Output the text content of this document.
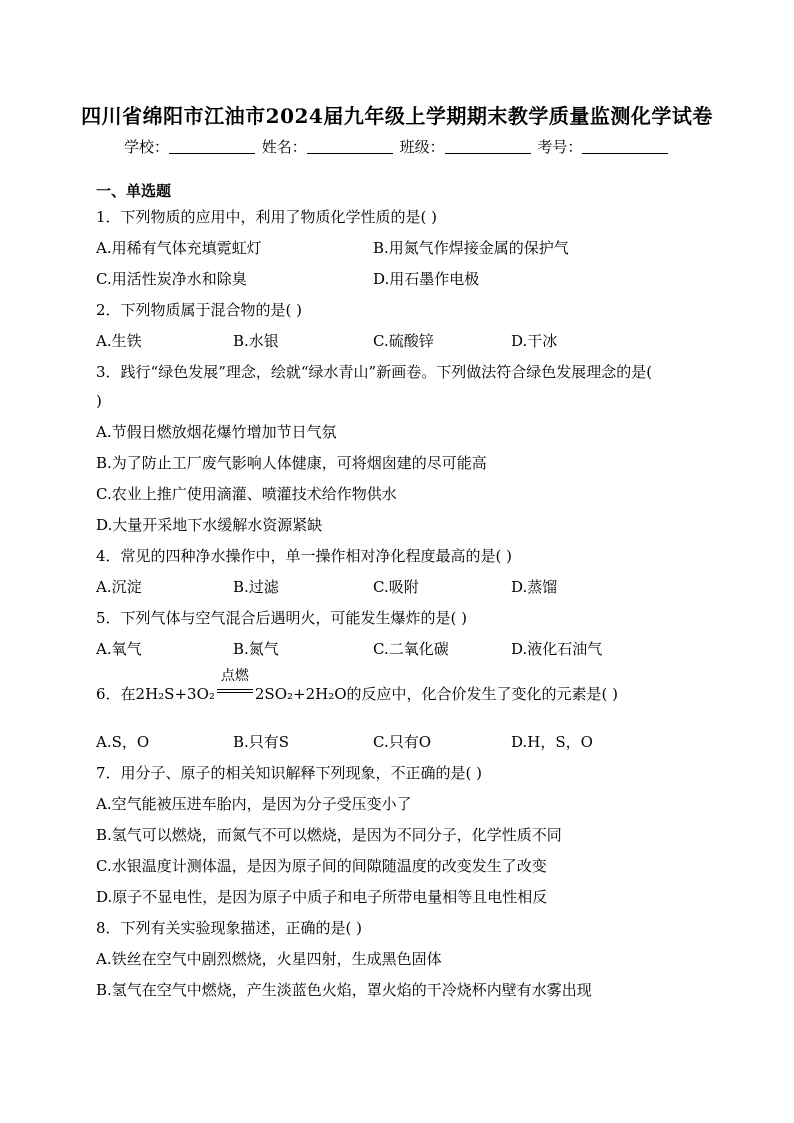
四川省绵阳市江油市2024届九年级上学期期末教学质量监测化学试卷
学校：	姓名：	班级：	考号：
一、单选题
1．下列物质的应用中，利用了物质化学性质的是( )
A.用稀有气体充填霓虹灯	B.用氮气作焊接金属的保护气
C.用活性炭净水和除臭	D.用石墨作电极
2．下列物质属于混合物的是( )
A.生铁	B.水银	C.硫酸锌	D.干冰
3．践行“绿色发展”理念，绘就“绿水青山”新画卷。下列做法符合绿色发展理念的是(
)
A.节假日燃放烟花爆竹增加节日气氛
B.为了防止工厂废气影响人体健康，可将烟囱建的尽可能高
C.农业上推广使用滴灌、喷灌技术给作物供水
D.大量开采地下水缓解水资源紧缺
4．常见的四种净水操作中，单一操作相对净化程度最高的是( )
A.沉淀	B.过滤	C.吸附	D.蒸馏
5．下列气体与空气混合后遇明火，可能发生爆炸的是( )
A.氧气	B.氮气	C.二氧化碳	D.液化石油气
6．在2H₂S+3O₂
点燃
2SO₂+2H₂O的反应中，化合价发生了变化的元素是( )
A.S，O	B.只有S	C.只有O	D.H，S，O
7．用分子、原子的相关知识解释下列现象，不正确的是( )
A.空气能被压进车胎内，是因为分子受压变小了
B.氢气可以燃烧，而氮气不可以燃烧，是因为不同分子，化学性质不同
C.水银温度计测体温，是因为原子间的间隙随温度的改变发生了改变
D.原子不显电性，是因为原子中质子和电子所带电量相等且电性相反
8．下列有关实验现象描述，正确的是( )
A.铁丝在空气中剧烈燃烧，火星四射，生成黑色固体
B.氢气在空气中燃烧，产生淡蓝色火焰，罩火焰的干冷烧杯内壁有水雾出现
